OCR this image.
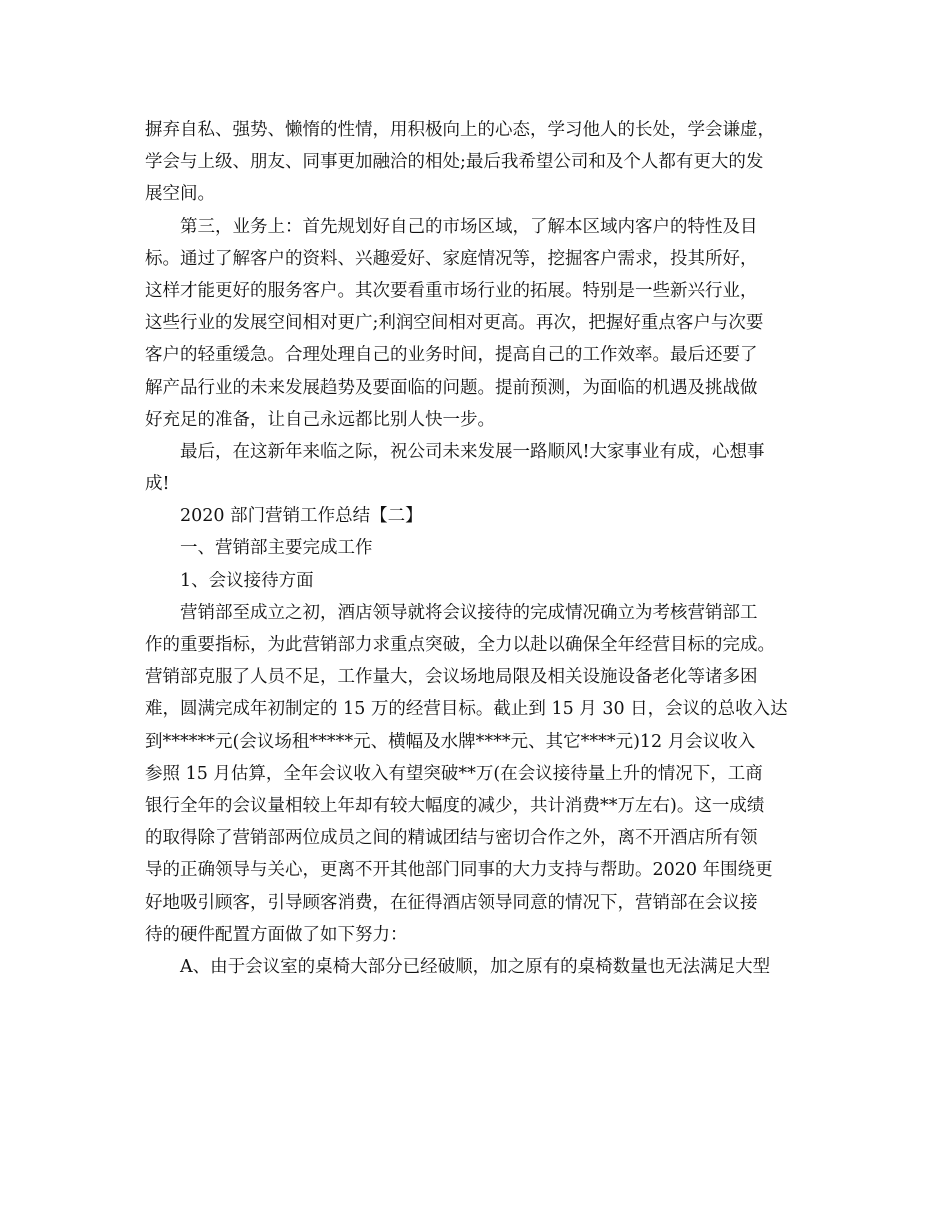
摒弃自私、强势、懒惰的性情，用积极向上的心态，学习他人的长处，学会谦虚，
学会与上级、朋友、同事更加融洽的相处;最后我希望公司和及个人都有更大的发
展空间。
第三，业务上：首先规划好自己的市场区域，了解本区域内客户的特性及目
标。通过了解客户的资料、兴趣爱好、家庭情况等，挖掘客户需求，投其所好，
这样才能更好的服务客户。其次要看重市场行业的拓展。特别是一些新兴行业，
这些行业的发展空间相对更广;利润空间相对更高。再次，把握好重点客户与次要
客户的轻重缓急。合理处理自己的业务时间，提高自己的工作效率。最后还要了
解产品行业的未来发展趋势及要面临的问题。提前预测，为面临的机遇及挑战做
好充足的准备，让自己永远都比别人快一步。
最后，在这新年来临之际，祝公司未来发展一路顺风!大家事业有成，心想事
成!
2020 部门营销工作总结【二】
一、营销部主要完成工作
1、会议接待方面
营销部至成立之初，酒店领导就将会议接待的完成情况确立为考核营销部工
作的重要指标，为此营销部力求重点突破，全力以赴以确保全年经营目标的完成。
营销部克服了人员不足，工作量大，会议场地局限及相关设施设备老化等诸多困
难，圆满完成年初制定的 15 万的经营目标。截止到 15 月 30 日，会议的总收入达
到******元(会议场租*****元、横幅及水牌****元、其它****元)12 月会议收入
参照 15 月估算，全年会议收入有望突破**万(在会议接待量上升的情况下，工商
银行全年的会议量相较上年却有较大幅度的减少，共计消费**万左右)。这一成绩
的取得除了营销部两位成员之间的精诚团结与密切合作之外，离不开酒店所有领
导的正确领导与关心，更离不开其他部门同事的大力支持与帮助。2020 年围绕更
好地吸引顾客，引导顾客消费，在征得酒店领导同意的情况下，营销部在会议接
待的硬件配置方面做了如下努力：
A、由于会议室的桌椅大部分已经破顺，加之原有的桌椅数量也无法满足大型
